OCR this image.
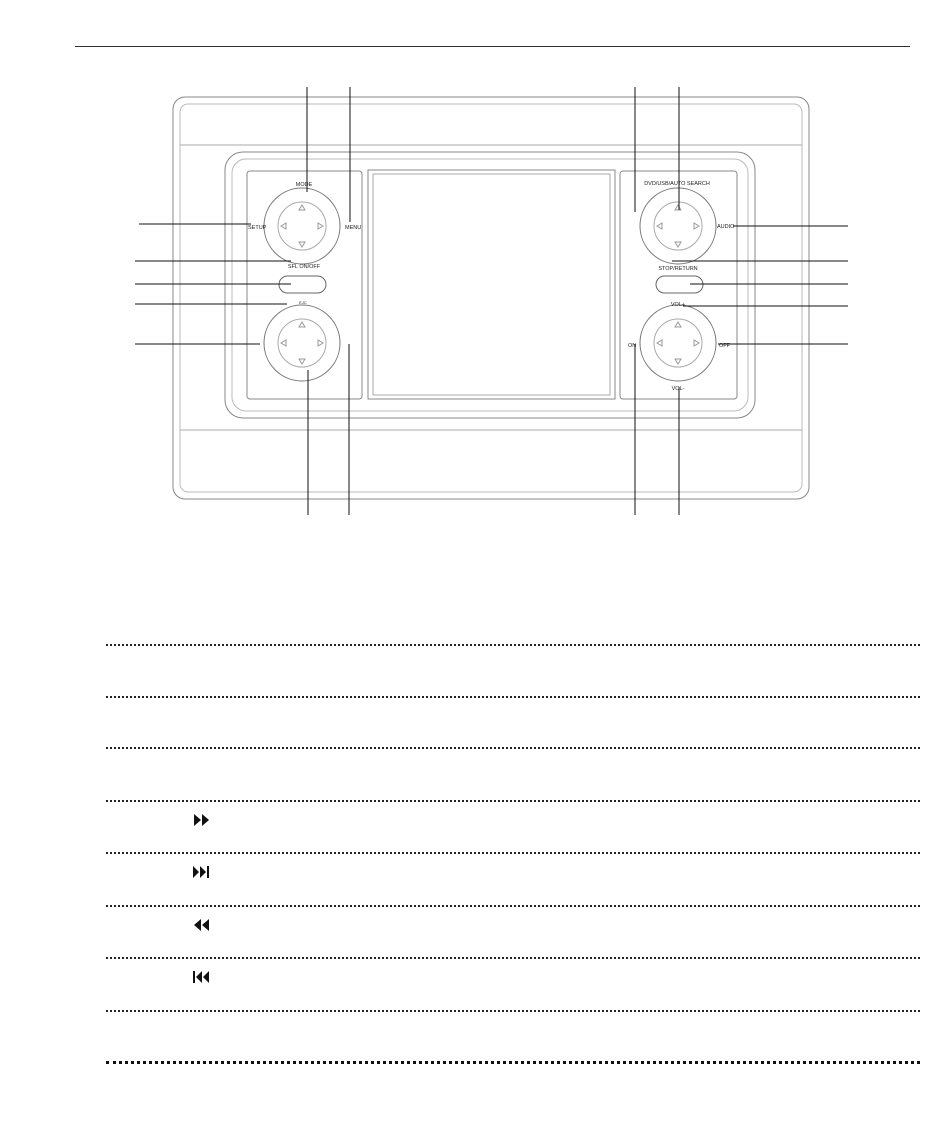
MODE
MENU
SETUP
SFL ON/OFF
EJC
DVD/USB/AUTO SEARCH
AUDIO
STOP/RETURN
VOL+
VOL-
ON	OFF
